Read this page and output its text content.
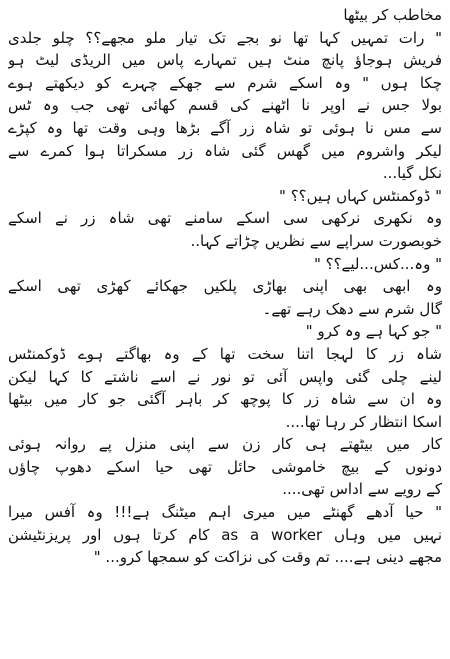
مخاطب کر بیٹھا
" رات تمہیں کہا تھا نو بجے تک تیار ملو مجھے؟؟ چلو جلدی
فریش ہوجاؤ پانچ منٹ ہیں تمہارے پاس میں الریڈی لیٹ ہو
چکا ہوں " وہ اسکے شرم سے جھکے چہرے کو دیکھتے ہوے
بولا جس نے اوپر نا اٹھنے کی قسم کھائی تھی جب وہ ٹس
سے مس نا ہوئی تو شاہ زر آگے بڑھا وہی وقت تھا وہ کپڑے
لیکر واشروم میں گھس گئی شاہ زر مسکراتا ہوا کمرے سے
نکل گیا...
" ڈوکمنٹس کہاں ہیں؟؟ "
وہ نکھری نرکھی سی اسکے سامنے تھی شاہ زر نے اسکے
خوبصورت سراپے سے نظریں چڑاتے کہا..
" وہ...کس...لیے؟؟ "
وہ ابھی بھی اپنی بھاڑی پلکیں جھکائے کھڑی تھی اسکے
گال شرم سے دھک رہے تھے۔
" جو کہا ہے وہ کرو "
شاہ زر کا لہجا اتنا سخت تھا کے وہ بھاگتے ہوے ڈوکمنٹس
لینے چلی گئی واپس آئی تو نور نے اسے ناشتے کا کہا لیکن
وہ ان سے شاہ زر کا پوچھ کر باہر آگئی جو کار میں بیٹھا
اسکا انتظار کر رہا تھا....
کار میں بیٹھتے ہی کار زن سے اپنی منزل پے روانہ ہوئی
دونوں کے بیچ خاموشی حائل تھی حیا اسکے دھوپ چاؤں
کے رویے سے اداس تھی....
" حیا آدھے گھنٹے میں میری اہم میٹنگ ہے!!! وہ آفس میرا
نہیں میں وہاں as a worker کام کرتا ہوں اور پریزنٹیشن
مجھے دینی ہے.... تم وقت کی نزاکت کو سمجھا کرو... "
